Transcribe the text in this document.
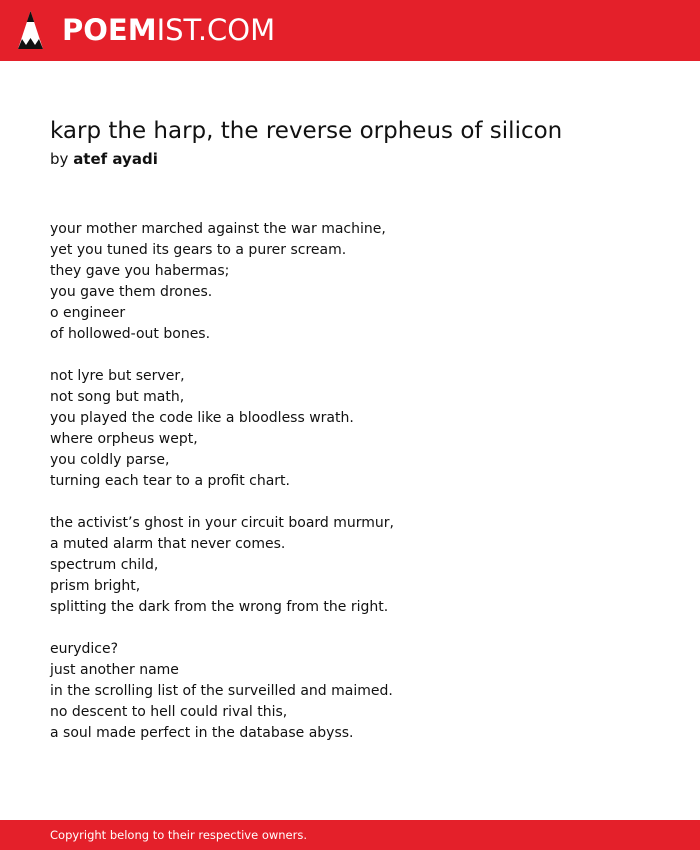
POEMIST.COM
karp the harp, the reverse orpheus of silicon
by atef ayadi
your mother marched against the war machine,
yet you tuned its gears to a purer scream.
they gave you habermas;
you gave them drones.
o engineer
of hollowed-out bones.
not lyre but server,
not song but math,
you played the code like a bloodless wrath.
where orpheus wept,
you coldly parse,
turning each tear to a profit chart.
the activist’s ghost in your circuit board murmur,
a muted alarm that never comes.
spectrum child,
prism bright,
splitting the dark from the wrong from the right.
eurydice?
just another name
in the scrolling list of the surveilled and maimed.
no descent to hell could rival this,
a soul made perfect in the database abyss.
Copyright belong to their respective owners.
